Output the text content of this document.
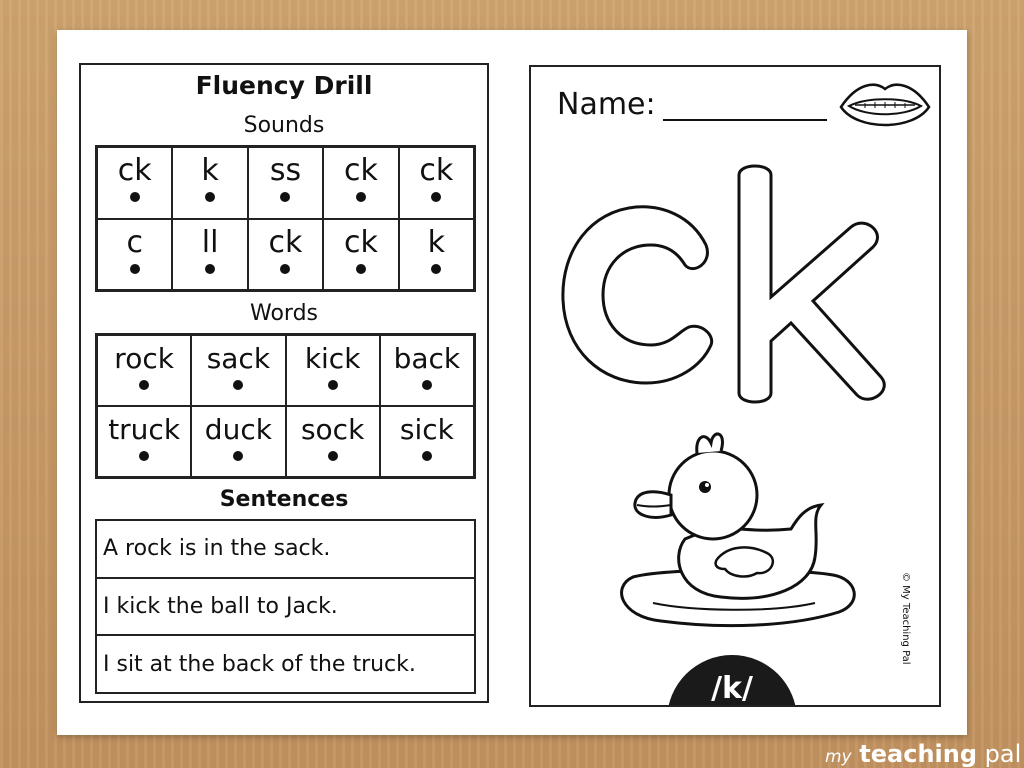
Fluency Drill
Sounds
ck k ss ck ck
c ll ck ck k
Words
rock sack kick back
truck duck sock sick
Sentences
A rock is in the sack.
I kick the ball to Jack.
I sit at the back of the truck.
Name:
© My Teaching Pal
/k/
my teaching pal
